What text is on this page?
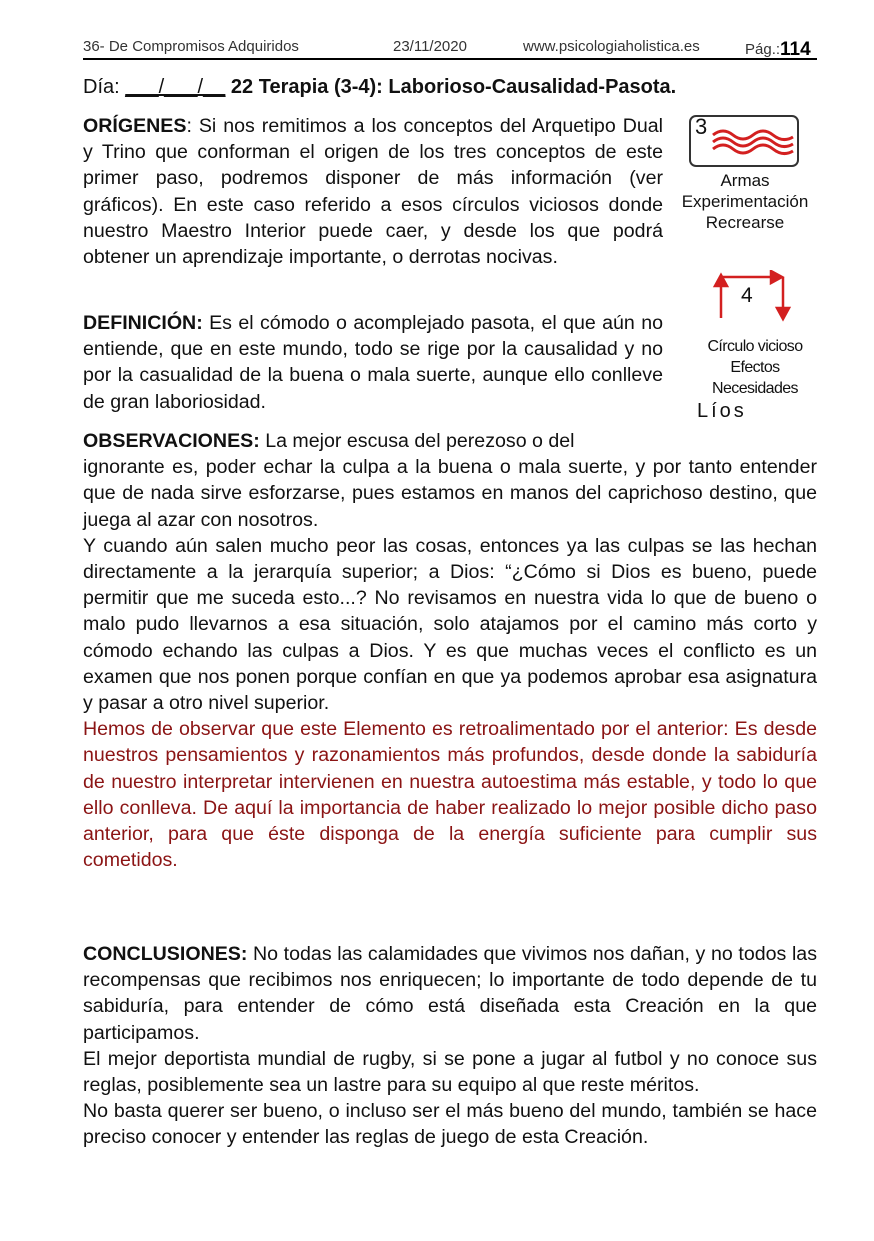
36- De Compromisos Adquiridos	23/11/2020	www.psicologiaholistica.es	Pág.:114
Día: ___/___/__ 22 Terapia (3-4): Laborioso-Causalidad-Pasota.
ORÍGENES: Si nos remitimos a los conceptos del Arquetipo Dual y Trino que conforman el origen de los tres conceptos de este primer paso, podremos disponer de más información (ver gráficos). En este caso referido a esos círculos viciosos donde nuestro Maestro Interior puede caer, y desde los que podrá obtener un aprendizaje importante, o derrotas nocivas.
DEFINICIÓN: Es el cómodo o acomplejado pasota, el que aún no entiende, que en este mundo, todo se rige por la causalidad y no por la casualidad de la buena o mala suerte, aunque ello conlleve de gran laboriosidad.
OBSERVACIONES: La mejor escusa del perezoso o del
ignorante es, poder echar la culpa a la buena o mala suerte, y por tanto entender que de nada sirve esforzarse, pues estamos en manos del caprichoso destino, que juega al azar con nosotros.
Y cuando aún salen mucho peor las cosas, entonces ya las culpas se las hechan directamente a la jerarquía superior; a Dios: “¿Cómo si Dios es bueno, puede permitir que me suceda esto...? No revisamos en nuestra vida lo que de bueno o malo pudo llevarnos a esa situación, solo atajamos por el camino más corto y cómodo echando las culpas a Dios. Y es que muchas veces el conflicto es un examen que nos ponen porque confían en que ya podemos aprobar esa asignatura y pasar a otro nivel superior.
Hemos de observar que este Elemento es retroalimentado por el anterior: Es desde nuestros pensamientos y razonamientos más profundos, desde donde la sabiduría de nuestro interpretar intervienen en nuestra autoestima más estable, y todo lo que ello conlleva. De aquí la importancia de haber realizado lo mejor posible dicho paso anterior, para que éste disponga de la energía suficiente para cumplir sus cometidos.
CONCLUSIONES: No todas las calamidades que vivimos nos dañan, y no todos las recompensas que recibimos nos enriquecen; lo importante de todo depende de tu sabiduría, para entender de cómo está diseñada esta Creación en la que participamos.
El mejor deportista mundial de rugby, si se pone a jugar al futbol y no conoce sus reglas, posiblemente sea un lastre para su equipo al que reste méritos.
No basta querer ser bueno, o incluso ser el más bueno del mundo, también se hace preciso conocer y entender las reglas de juego de esta Creación.
3
Armas
Experimentación
Recrearse
4
Círculo viciosо
Efectos
Necesidades
Líos
